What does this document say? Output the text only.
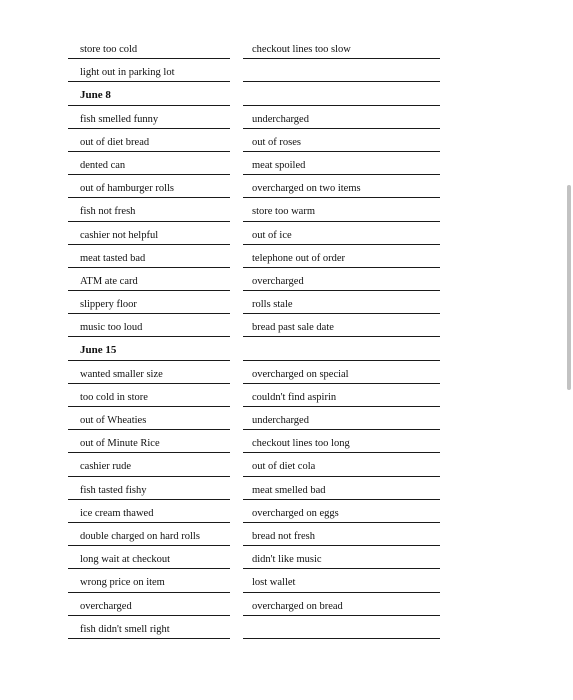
store too cold	checkout lines too slow
light out in parking lot
June 8
fish smelled funny	undercharged
out of diet bread	out of roses
dented can	meat spoiled
out of hamburger rolls	overcharged on two items
fish not fresh	store too warm
cashier not helpful	out of ice
meat tasted bad	telephone out of order
ATM ate card	overcharged
slippery floor	rolls stale
music too loud	bread past sale date
June 15
wanted smaller size	overcharged on special
too cold in store	couldn't find aspirin
out of Wheaties	undercharged
out of Minute Rice	checkout lines too long
cashier rude	out of diet cola
fish tasted fishy	meat smelled bad
ice cream thawed	overcharged on eggs
double charged on hard rolls	bread not fresh
long wait at checkout	didn't like music
wrong price on item	lost wallet
overcharged	overcharged on bread
fish didn't smell right
